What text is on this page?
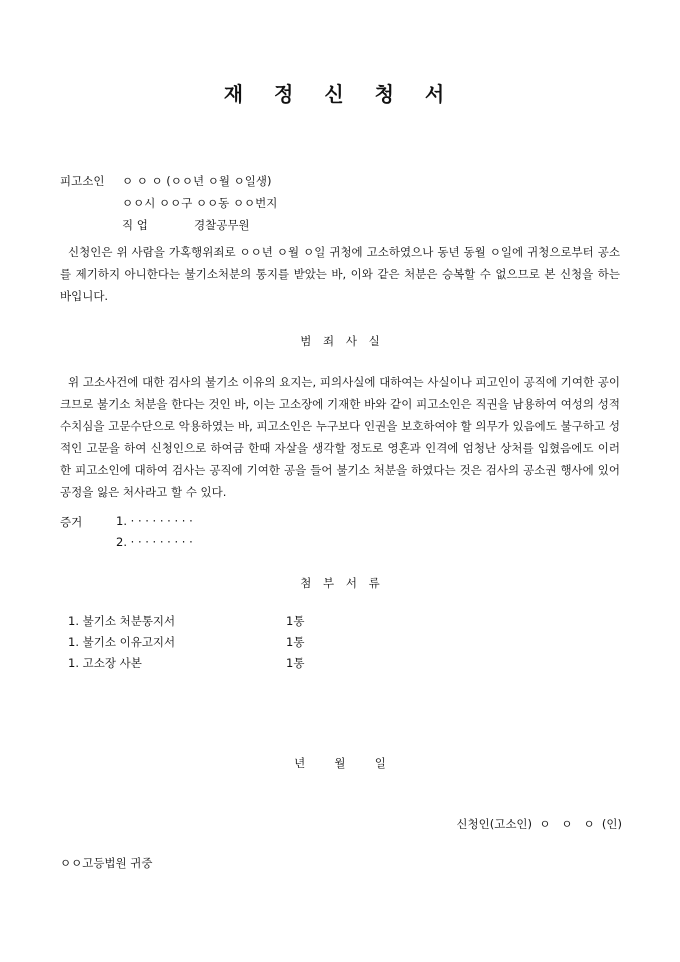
재 정 신 청 서
피고소인 ㅇ ㅇ ㅇ (ㅇㅇ년 ㅇ월 ㅇ일생)
ㅇㅇ시 ㅇㅇ구 ㅇㅇ동 ㅇㅇ번지
직 업	경찰공무원
신청인은 위 사람을 가혹행위죄로 ㅇㅇ년 ㅇ월 ㅇ일 귀청에 고소하였으나 동년 동월 ㅇ일에 귀청으로부터 공소를 제기하지 아니한다는 불기소처분의 통지를 받았는 바, 이와 같은 처분은 승복할 수 없으므로 본 신청을 하는 바입니다.
범 죄 사 실
위 고소사건에 대한 검사의 불기소 이유의 요지는, 피의사실에 대하여는 사실이나 피고인이 공직에 기여한 공이 크므로 불기소 처분을 한다는 것인 바, 이는 고소장에 기재한 바와 같이 피고소인은 직권을 남용하여 여성의 성적 수치심을 고문수단으로 악용하였는 바, 피고소인은 누구보다 인권을 보호하여야 할 의무가 있음에도 불구하고 성적인 고문을 하여 신청인으로 하여금 한때 자살을 생각할 정도로 영혼과 인격에 엄청난 상처를 입혔음에도 이러한 피고소인에 대하여 검사는 공직에 기여한 공을 들어 불기소 처분을 하였다는 것은 검사의 공소권 행사에 있어 공정을 잃은 처사라고 할 수 있다.
증거	1. · · · · · · · · ·
2. · · · · · · · · ·
첨 부 서 류
1. 불기소 처분통지서	1통
1. 불기소 이유고지서	1통
1. 고소장 사본	1통
년        월        일
신청인(고소인)  ㅇ   ㅇ   ㅇ  (인)
ㅇㅇ고등법원 귀중
